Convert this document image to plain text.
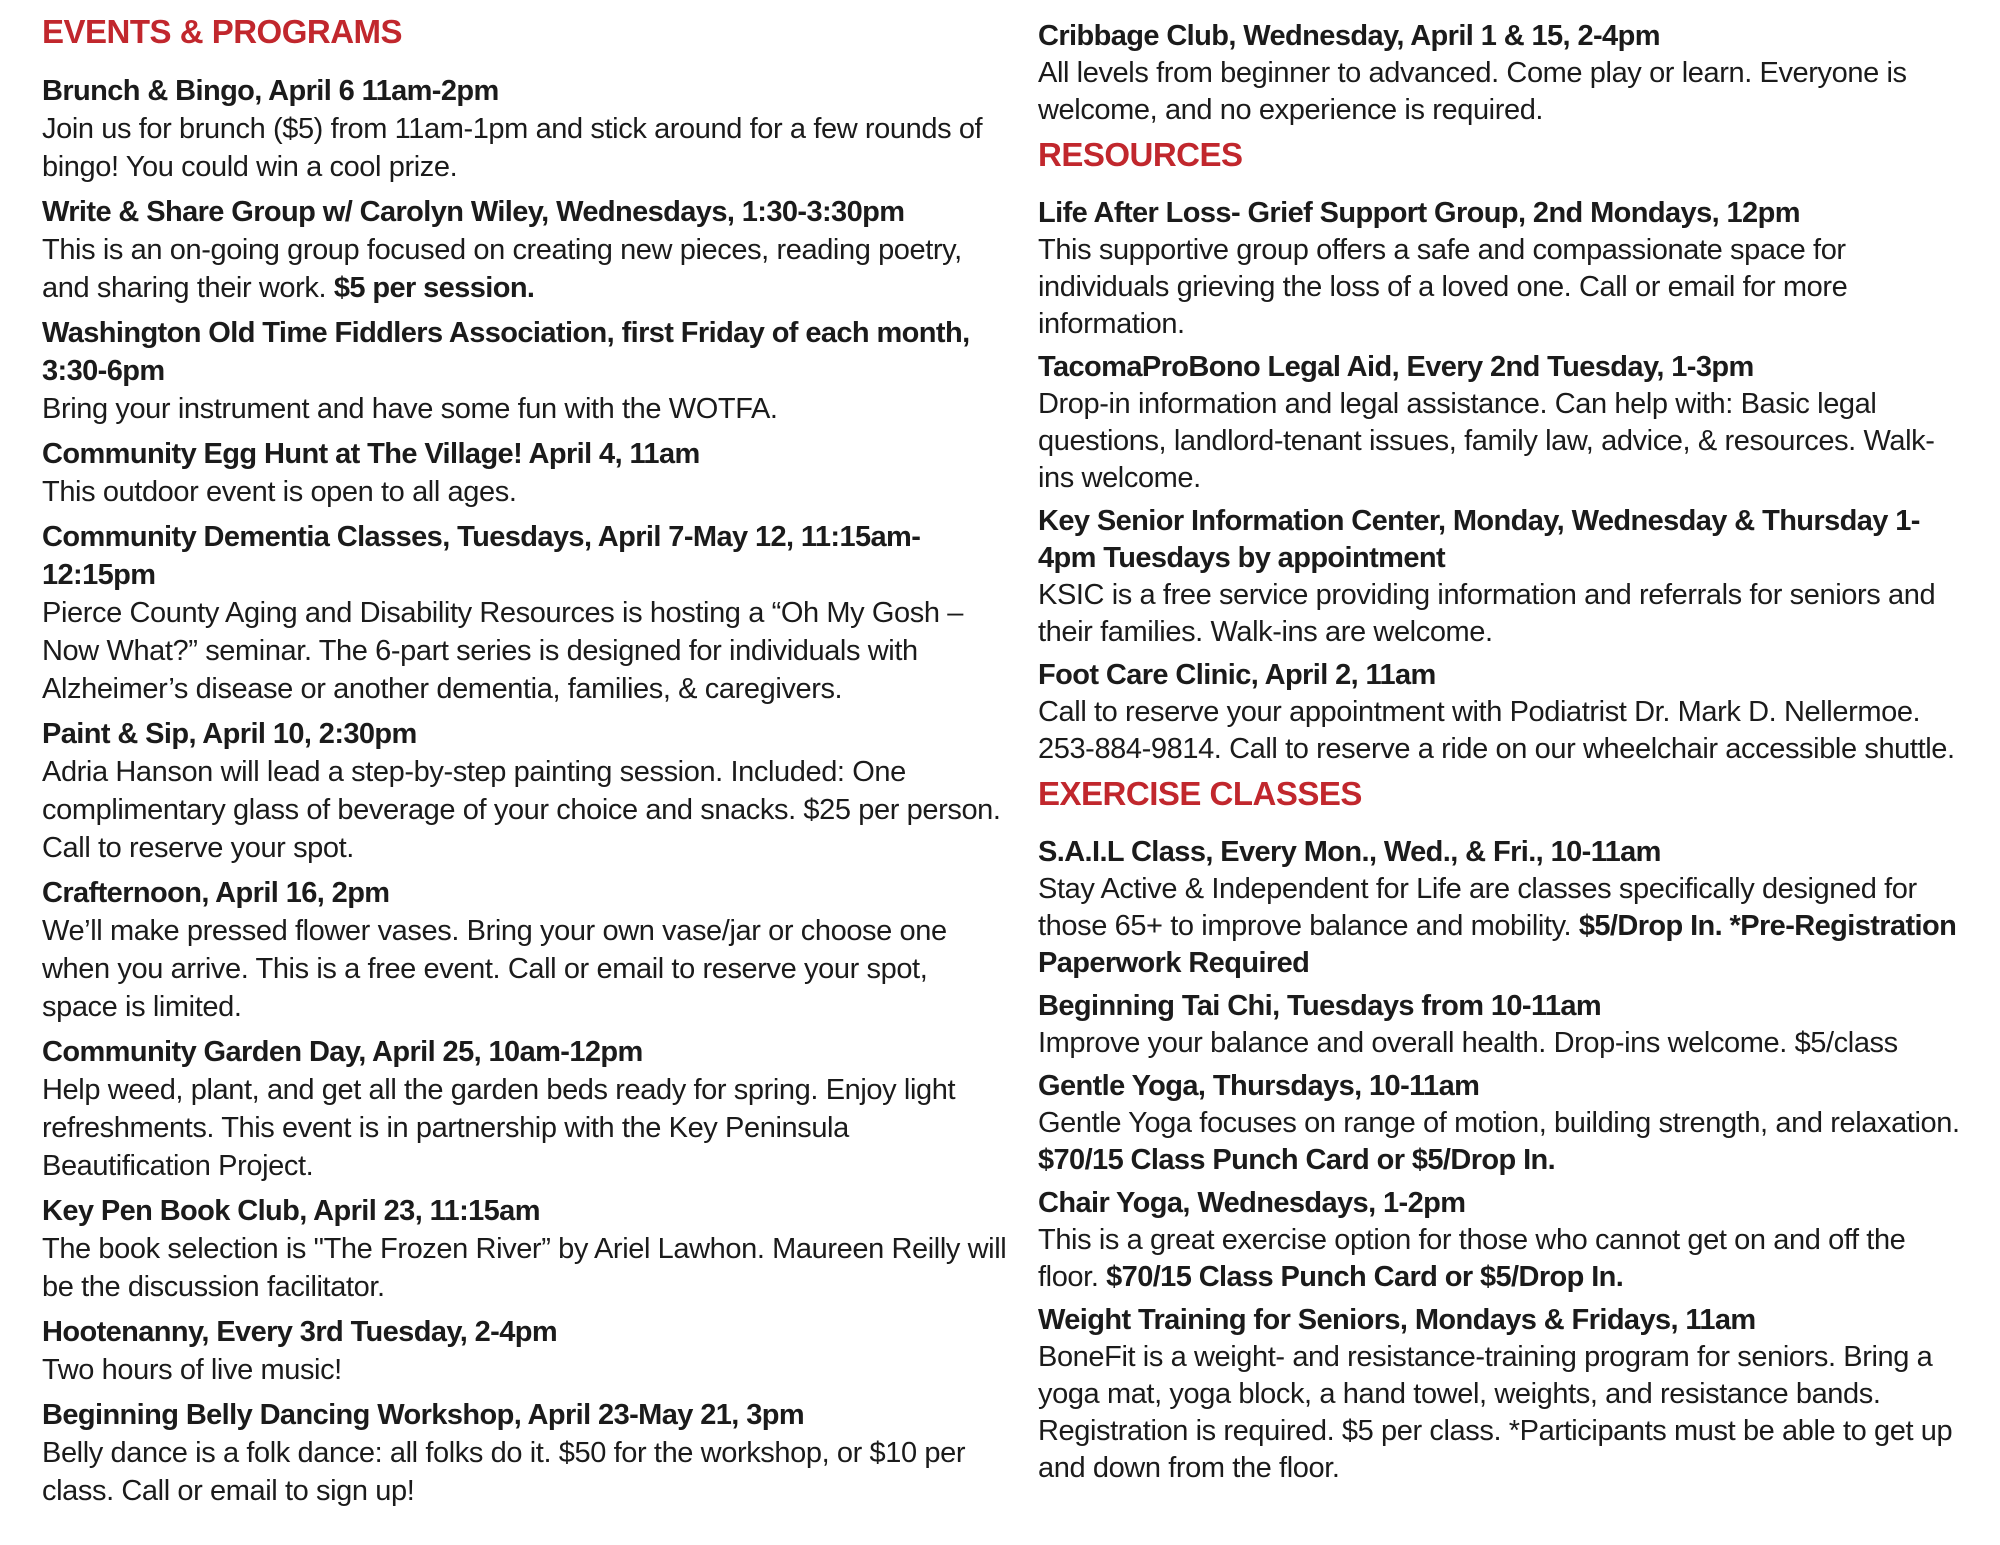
EVENTS & PROGRAMS
Brunch & Bingo, April 6 11am-2pm

Join us for brunch ($5) from 11am-1pm and stick around for a few rounds of bingo! You could win a cool prize.

Write & Share Group w/ Carolyn Wiley, Wednesdays, 1:30-3:30pm

This is an on-going group focused on creating new pieces, reading poetry, and sharing their work. $5 per session.

Washington Old Time Fiddlers Association, first Friday of each month, 3:30-6pm

Bring your instrument and have some fun with the WOTFA.

Community Egg Hunt at The Village! April 4, 11am

This outdoor event is open to all ages.

Community Dementia Classes, Tuesdays, April 7-May 12, 11:15am- 12:15pm

Pierce County Aging and Disability Resources is hosting a “Oh My Gosh – Now What?” seminar. The 6-part series is designed for individuals with Alzheimer’s disease or another dementia, families, & caregivers.

Paint & Sip, April 10, 2:30pm

Adria Hanson will lead a step-by-step painting session. Included: One complimentary glass of beverage of your choice and snacks. $25 per person. Call to reserve your spot.

Crafternoon, April 16, 2pm

We’ll make pressed flower vases. Bring your own vase/jar or choose one when you arrive. This is a free event. Call or email to reserve your spot, space is limited.

Community Garden Day, April 25, 10am-12pm

Help weed, plant, and get all the garden beds ready for spring. Enjoy light refreshments. This event is in partnership with the Key Peninsula Beautification Project.

Key Pen Book Club, April 23, 11:15am

The book selection is "The Frozen River” by Ariel Lawhon. Maureen Reilly will be the discussion facilitator.

Hootenanny, Every 3rd Tuesday, 2-4pm

Two hours of live music!

Beginning Belly Dancing Workshop, April 23-May 21, 3pm

Belly dance is a folk dance: all folks do it. $50 for the workshop, or $10 per class. Call or email to sign up!

Cribbage Club, Wednesday, April 1 & 15, 2-4pm

All levels from beginner to advanced. Come play or learn. Everyone is welcome, and no experience is required.

RESOURCES
Life After Loss- Grief Support Group, 2nd Mondays, 12pm

This supportive group offers a safe and compassionate space for individuals grieving the loss of a loved one. Call or email for more information.

TacomaProBono Legal Aid, Every 2nd Tuesday, 1-3pm

Drop-in information and legal assistance. Can help with: Basic legal questions, landlord-tenant issues, family law, advice, & resources. Walk-ins welcome.

Key Senior Information Center, Monday, Wednesday & Thursday 1-4pm Tuesdays by appointment

KSIC is a free service providing information and referrals for seniors and their families. Walk-ins are welcome.

Foot Care Clinic, April 2, 11am

Call to reserve your appointment with Podiatrist Dr. Mark D. Nellermoe. 253-884-9814. Call to reserve a ride on our wheelchair accessible shuttle.

EXERCISE CLASSES
S.A.I.L Class, Every Mon., Wed., & Fri., 10-11am

Stay Active & Independent for Life are classes specifically designed for those 65+ to improve balance and mobility. $5/Drop In. *Pre-Registration Paperwork Required

Beginning Tai Chi, Tuesdays from 10-11am

Improve your balance and overall health. Drop-ins welcome. $5/class

Gentle Yoga, Thursdays, 10-11am

Gentle Yoga focuses on range of motion, building strength, and relaxation. $70/15 Class Punch Card or $5/Drop In.

Chair Yoga, Wednesdays, 1-2pm

This is a great exercise option for those who cannot get on and off the floor. $70/15 Class Punch Card or $5/Drop In.

Weight Training for Seniors, Mondays & Fridays, 11am

BoneFit is a weight- and resistance-training program for seniors. Bring a yoga mat, yoga block, a hand towel, weights, and resistance bands. Registration is required. $5 per class. *Participants must be able to get up and down from the floor.
